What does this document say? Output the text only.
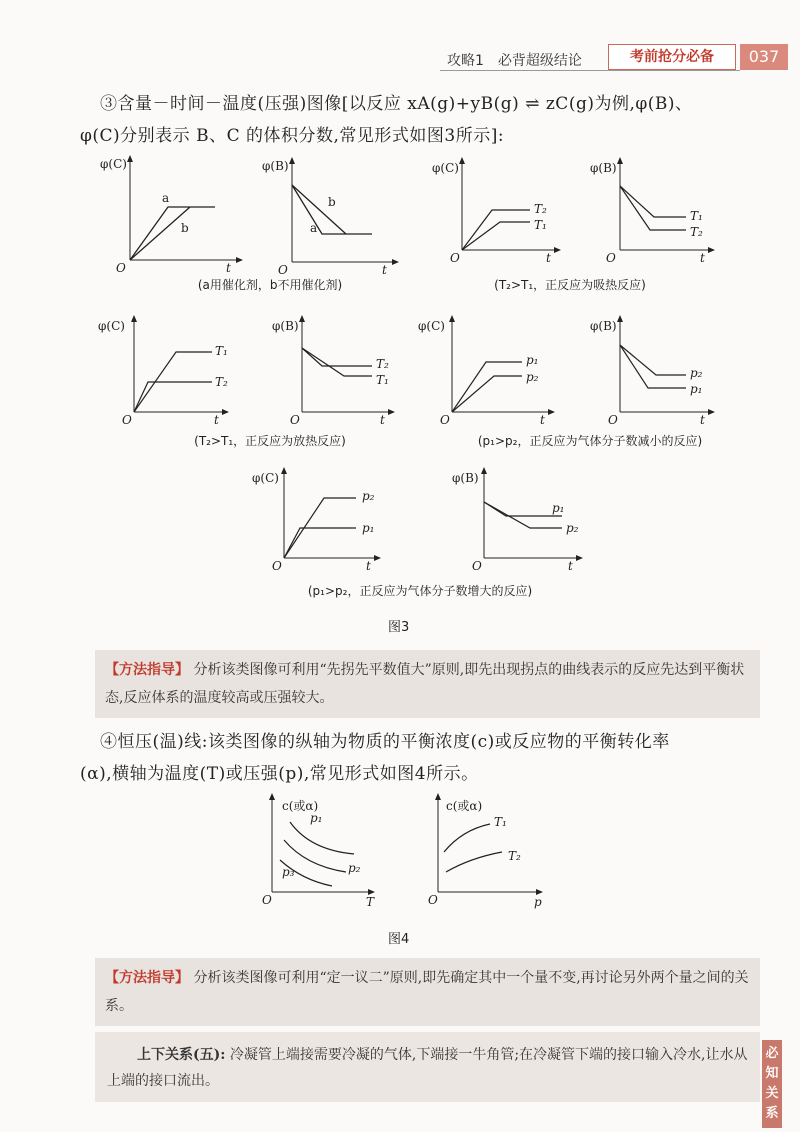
攻略1　必背超级结论	考前抢分必备	037
③含量－时间－温度(压强)图像[以反应 xA(g)+yB(g) ⇌ zC(g)为例,φ(B)、
φ(C)分别表示 B、C 的体积分数,常见形式如图3所示]:
φ(C)
O	t
a
b
φ(B)
O	t
a
b
φ(C)
O	t
T₂
T₁
φ(B)
O	t
T₁
T₂
φ(C)
O
T₁
T₂
t
φ(B)
O	t
T₂
T₁
φ(C)
O	t
p₁
p₂
φ(B)
O	t
p₂
p₁
φ(C)
O	t
p₂
p₁
φ(B)
O	t
p₁
p₂
c(或α)
O	T
p₁
p₂
p₃
c(或α)
O	p
T₁
T₂
(a用催化剂，b不用催化剂)	(T₂>T₁，正反应为吸热反应)
(T₂>T₁，正反应为放热反应)	(p₁>p₂，正反应为气体分子数减小的反应)
(p₁>p₂，正反应为气体分子数增大的反应)
图3
【方法指导】 分析该类图像可利用“先拐先平数值大”原则,即先出现拐点的曲线表示的反应先达到平衡状态,反应体系的温度较高或压强较大。
④恒压(温)线:该类图像的纵轴为物质的平衡浓度(c)或反应物的平衡转化率
(α),横轴为温度(T)或压强(p),常见形式如图4所示。
图4
【方法指导】 分析该类图像可利用“定一议二”原则,即先确定其中一个量不变,再讨论另外两个量之间的关系。
上下关系(五): 冷凝管上端接需要冷凝的气体,下端接一牛角管;在冷凝管下端的接口输入冷水,让水从上端的接口流出。
必知关系
